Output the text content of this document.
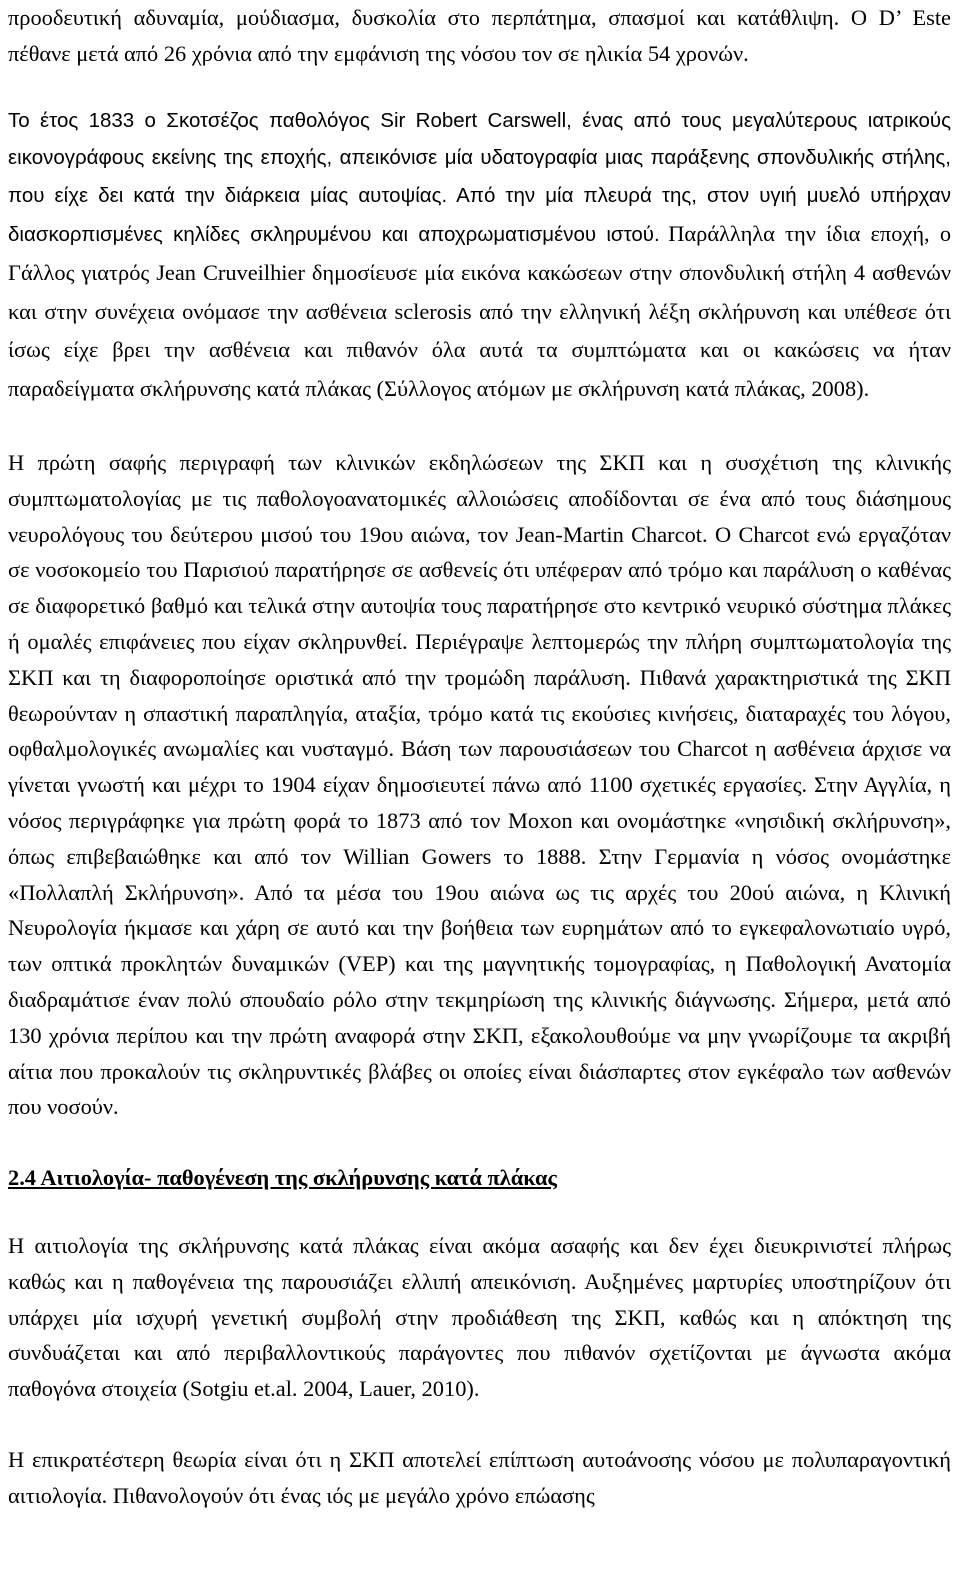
προοδευτική αδυναμία, μούδιασμα, δυσκολία στο περπάτημα, σπασμοί και κατάθλιψη. Ο D’ Este πέθανε μετά από 26 χρόνια από την εμφάνιση της νόσου τον σε ηλικία 54 χρονών.

Το έτος 1833 ο Σκοτσέζος παθολόγος Sir Robert Carswell, ένας από τους μεγαλύτερους ιατρικούς εικονογράφους εκείνης της εποχής, απεικόνισε μία υδατογραφία μιας παράξενης σπονδυλικής στήλης, που είχε δει κατά την διάρκεια μίας αυτοψίας. Από την μία πλευρά της, στον υγιή μυελό υπήρχαν διασκορπισμένες κηλίδες σκληρυμένου και αποχρωματισμένου ιστού. Παράλληλα την ίδια εποχή, ο Γάλλος γιατρός Jean Cruveilhier δημοσίευσε μία εικόνα κακώσεων στην σπονδυλική στήλη 4 ασθενών και στην συνέχεια ονόμασε την ασθένεια sclerosis από την ελληνική λέξη σκλήρυνση και υπέθεσε ότι ίσως είχε βρει την ασθένεια και πιθανόν όλα αυτά τα συμπτώματα και οι κακώσεις να ήταν παραδείγματα σκλήρυνσης κατά πλάκας (Σύλλογος ατόμων με σκλήρυνση κατά πλάκας, 2008).

Η πρώτη σαφής περιγραφή των κλινικών εκδηλώσεων της ΣΚΠ και η συσχέτιση της κλινικής συμπτωματολογίας με τις παθολογοανατομικές αλλοιώσεις αποδίδονται σε ένα από τους διάσημους νευρολόγους του δεύτερου μισού του 19ου αιώνα, τον Jean-Martin Charcot. Ο Charcot ενώ εργαζόταν σε νοσοκομείο του Παρισιού παρατήρησε σε ασθενείς ότι υπέφεραν από τρόμο και παράλυση ο καθένας σε διαφορετικό βαθμό και τελικά στην αυτοψία τους παρατήρησε στο κεντρικό νευρικό σύστημα πλάκες ή ομαλές επιφάνειες που είχαν σκληρυνθεί. Περιέγραψε λεπτομερώς την πλήρη συμπτωματολογία της ΣΚΠ και τη διαφοροποίησε οριστικά από την τρομώδη παράλυση. Πιθανά χαρακτηριστικά της ΣΚΠ θεωρούνταν η σπαστική παραπληγία, αταξία, τρόμο κατά τις εκούσιες κινήσεις, διαταραχές του λόγου, οφθαλμολογικές ανωμαλίες και νυσταγμό. Βάση των παρουσιάσεων του Charcot η ασθένεια άρχισε να γίνεται γνωστή και μέχρι το 1904 είχαν δημοσιευτεί πάνω από 1100 σχετικές εργασίες. Στην Αγγλία, η νόσος περιγράφηκε για πρώτη φορά το 1873 από τον Moxon και ονομάστηκε «νησιδική σκλήρυνση», όπως επιβεβαιώθηκε και από τον Willian Gowers το 1888. Στην Γερμανία η νόσος ονομάστηκε «Πολλαπλή Σκλήρυνση». Από τα μέσα του 19ου αιώνα ως τις αρχές του 20ού αιώνα, η Κλινική Νευρολογία ήκμασε και χάρη σε αυτό και την βοήθεια των ευρημάτων από το εγκεφαλονωτιαίο υγρό, των οπτικά προκλητών δυναμικών (VEP) και της μαγνητικής τομογραφίας, η Παθολογική Ανατομία διαδραμάτισε έναν πολύ σπουδαίο ρόλο στην τεκμηρίωση της κλινικής διάγνωσης. Σήμερα, μετά από 130 χρόνια περίπου και την πρώτη αναφορά στην ΣΚΠ, εξακολουθούμε να μην γνωρίζουμε τα ακριβή αίτια που προκαλούν τις σκληρυντικές βλάβες οι οποίες είναι διάσπαρτες στον εγκέφαλο των ασθενών που νοσούν.

2.4 Αιτιολογία- παθογένεση της σκλήρυνσης κατά πλάκας

Η αιτιολογία της σκλήρυνσης κατά πλάκας είναι ακόμα ασαφής και δεν έχει διευκρινιστεί πλήρως καθώς και η παθογένεια της παρουσιάζει ελλιπή απεικόνιση. Αυξημένες μαρτυρίες υποστηρίζουν ότι υπάρχει μία ισχυρή γενετική συμβολή στην προδιάθεση της ΣΚΠ, καθώς και η απόκτηση της συνδυάζεται και από περιβαλλοντικούς παράγοντες που πιθανόν σχετίζονται με άγνωστα ακόμα παθογόνα στοιχεία (Sotgiu et.al. 2004, Lauer, 2010).

Η επικρατέστερη θεωρία είναι ότι η ΣΚΠ αποτελεί επίπτωση αυτοάνοσης νόσου με πολυπαραγοντική αιτιολογία. Πιθανολογούν ότι ένας ιός με μεγάλο χρόνο επώασης
